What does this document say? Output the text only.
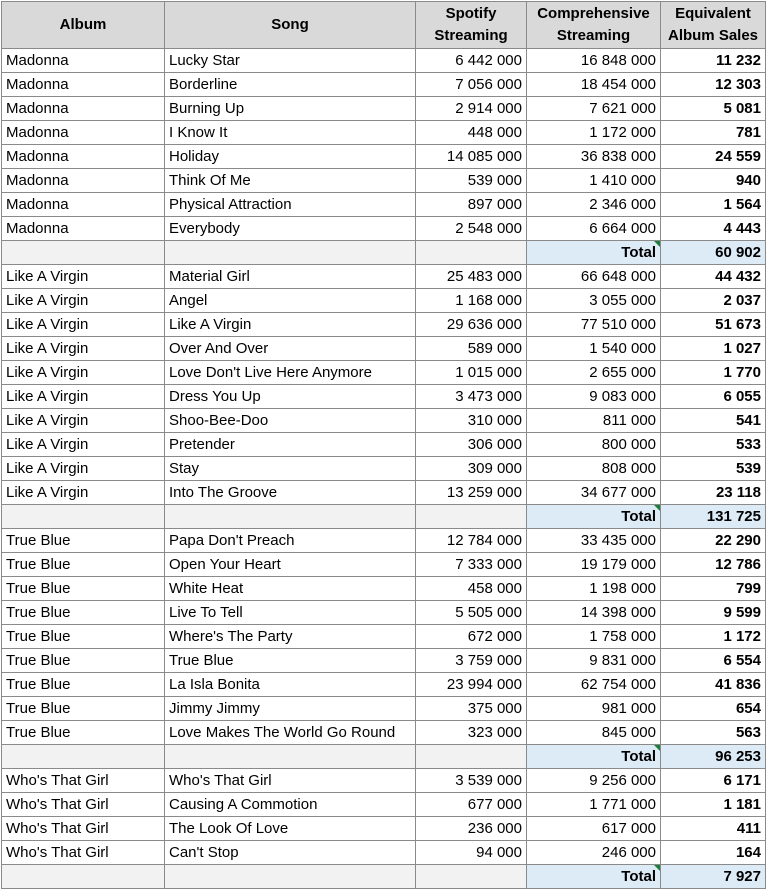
Album	Song	Spotify Streaming	Comprehensive Streaming	Equivalent Album Sales
Madonna	Lucky Star	6 442 000	16 848 000	11 232
Madonna	Borderline	7 056 000	18 454 000	12 303
Madonna	Burning Up	2 914 000	7 621 000	5 081
Madonna	I Know It	448 000	1 172 000	781
Madonna	Holiday	14 085 000	36 838 000	24 559
Madonna	Think Of Me	539 000	1 410 000	940
Madonna	Physical Attraction	897 000	2 346 000	1 564
Madonna	Everybody	2 548 000	6 664 000	4 443
			Total	60 902
Like A Virgin	Material Girl	25 483 000	66 648 000	44 432
Like A Virgin	Angel	1 168 000	3 055 000	2 037
Like A Virgin	Like A Virgin	29 636 000	77 510 000	51 673
Like A Virgin	Over And Over	589 000	1 540 000	1 027
Like A Virgin	Love Don't Live Here Anymore	1 015 000	2 655 000	1 770
Like A Virgin	Dress You Up	3 473 000	9 083 000	6 055
Like A Virgin	Shoo-Bee-Doo	310 000	811 000	541
Like A Virgin	Pretender	306 000	800 000	533
Like A Virgin	Stay	309 000	808 000	539
Like A Virgin	Into The Groove	13 259 000	34 677 000	23 118
			Total	131 725
True Blue	Papa Don't Preach	12 784 000	33 435 000	22 290
True Blue	Open Your Heart	7 333 000	19 179 000	12 786
True Blue	White Heat	458 000	1 198 000	799
True Blue	Live To Tell	5 505 000	14 398 000	9 599
True Blue	Where's The Party	672 000	1 758 000	1 172
True Blue	True Blue	3 759 000	9 831 000	6 554
True Blue	La Isla Bonita	23 994 000	62 754 000	41 836
True Blue	Jimmy Jimmy	375 000	981 000	654
True Blue	Love Makes The World Go Round	323 000	845 000	563
			Total	96 253
Who's That Girl	Who's That Girl	3 539 000	9 256 000	6 171
Who's That Girl	Causing A Commotion	677 000	1 771 000	1 181
Who's That Girl	The Look Of Love	236 000	617 000	411
Who's That Girl	Can't Stop	94 000	246 000	164
			Total	7 927
